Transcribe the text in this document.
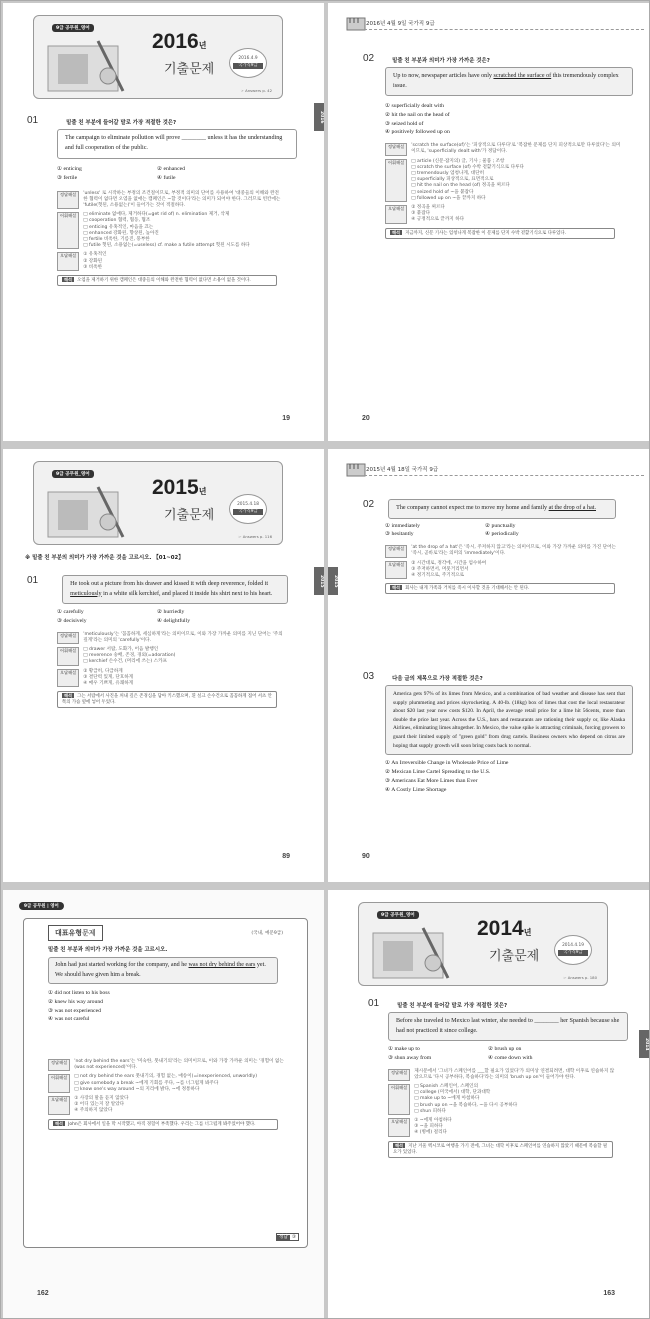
9급 공무원_영어
2016년
기출문제
2016.4.9
국가직9급
☞ Answers p. 42
2016
01	밑줄 친 부분에 들어갈 말로 가장 적절한 것은?
The campaign to eliminate pollution will prove ________ unless it has the understanding and full cooperation of the public.
① enticing	② enhanced
③ fertile	④ futile
정답해설	'unless' 로 시작하는 부정의 조건절이므로, 부정적 의미의 단어를 사용하여 '대중들의 이해와 완전한 협력이 없다면 오염을 없애는 캠페인은 ~할 것이다'라는 의미가 되어야 한다. 그러므로 빈칸에는 'futile(헛된, 소용없는)'이 들어가는 것이 적절하다.
어휘해설	□ eliminate 없애다, 제거하다(=get rid of) n. elimination 제거, 삭제
□ cooperation 협력, 협동, 협조
□ enticing 유혹적인, 마음을 끄는
□ enhanced 강화된, 향상된, 높아진
□ fertile 비옥한, 기름진, 풍부한
□ futile 헛된, 소용없는(=useless) cf. make a futile attempt 헛된 시도를 하다
오답해설	① 유혹적인
② 강화된
③ 비옥한
해석 오염을 제거하기 위한 캠페인은 대중들의 이해와 완전한 협력이 없다면 소용이 없을 것이다.
19
2016년 4월 9일 국가직 9급
02	밑줄 친 부분과 의미가 가장 가까운 것은?
Up to now, newspaper articles have only scratched the surface of this tremendously complex issue.
① superficially dealt with
② hit the nail on the head of
③ seized hold of
④ positively followed up on
정답해설	'scratch the surface(of)'는 '피상적으로 다루다'로 '복잡한 문제를 단지 피상적으로만 다루었다'는 의미이므로, 'superficially dealt with'가 정답이다.
어휘해설	□ article (신문·잡지의) 글, 기사 ; 물품 ; 조항
□ scratch the surface (of) 수박 겉핥기식으로 다루다
□ tremendously 엄청나게, 대단히
□ superficially 피상적으로, 표면적으로
□ hit the nail on the head (of) 정곡을 찌르다
□ seized hold of ~을 붙잡다
□ followed up on ~을 끝까지 하다
오답해설	② 정곡을 찌르다
③ 붙잡다
④ 긍정적으로 끝까지 하다
해석 지금까지, 신문 기사는 엄청나게 복잡한 이 문제를 단지 수박 겉핥기식으로 다루었다.
20
9급 공무원_영어
2015년
기출문제
2015.4.18
국가직9급
☞ Answers p. 116
2015
※ 밑줄 친 부분의 의미가 가장 가까운 것을 고르시오. 【01~02】
01	He took out a picture from his drawer and kissed it with deep reverence, folded it meticulously in a white silk kerchief, and placed it inside his shirt next to his heart.
① carefully	② hurriedly
③ decisively	④ delightfully
정답해설	'meticulously'는 '꼼꼼하게, 세심하게'라는 의미이므로, 이와 가장 가까운 의미를 지닌 단어는 '주의 깊게'라는 의미의 'carefully'이다.
어휘해설	□ drawer 서랍, 도화가, 어음 발행인
□ reverence 숭배, 존경, 경외(=adoration)
□ kerchief 손수건, (머리에 쓰는) 스카프
오답해설	② 황급히, 다급하게
③ 결단력 있게, 단호하게
④ 매우 기쁘게, 유쾌하게
해석 그는 서랍에서 사진을 꺼내 깊은 존경심을 담아 키스했으며, 흰 실크 손수건으로 꼼꼼하게 접어 셔츠 안쪽의 가슴 옆에 넣어 두었다.
89
2015년 4월 18일 국가직 9급
2015
02	The company cannot expect me to move my home and family at the drop of a hat.
① immediately	② punctually
③ hesitantly	④ periodically
정답해설	'at the drop of a hat'은 '즉시, 주저하지 않고'라는 의미이므로, 이와 가장 가까운 의미를 가진 단어는 '즉시, 곧바로'라는 의미의 'immediately'이다.
오답해설	② 시간대로, 정각에, 시간을 엄수하여
③ 주저하면서, 머뭇거리면서
④ 정기적으로, 주기적으로
해석 회사는 내게 가족과 거처를 즉시 이사할 것을 기대해서는 안 된다.
03	다음 글의 제목으로 가장 적절한 것은?
America gets 97% of its limes from Mexico, and a combination of bad weather and disease has sent that supply plummeting and prices skyrocketing. A 40-lb. (18kg) box of limes that cost the local restaurateur about $20 last year now costs $120. In April, the average retail price for a lime hit 56cents, more than double the price last year. Across the U.S., bars and restaurants are rationing their supply or, like Alaska Airlines, eliminating limes altogether. In Mexico, the value spike is attracting criminals, forcing growers to guard their limited supply of "green gold" from drug cartels. Business owners who depend on citrus are hoping that supply growth will soon bring costs back to normal.
① An Irreversible Change in Wholesale Price of Lime
② Mexican Lime Cartel Spreading to the U.S.
③ Americans Eat More Limes than Ever
④ A Costly Lime Shortage
90
9급 공무원 | 영어
대표유형문제	(국내, 예문9급)
밑줄 친 부분과 의미가 가장 가까운 것을 고르시오.
John had just started working for the company, and he was not dry behind the ears yet. We should have given him a break.
① did not listen to his boss
② knew his way around
③ was not experienced
④ was not careful
정답해설	'not dry behind the ears'는 '미숙한, 풋내기의'라는 의미이므로, 이와 가장 가까운 의미는 '경험이 없는(was not experienced)'이다.
어휘해설	□ not dry behind the ears 풋내기의, 경험 없는, 애송이(=inexperienced, unworldly)
□ give somebody a break ~에게 기회를 주다, ~를 너그럽게 봐주다
□ know one's way around ~의 지리에 밝다, ~에 정통하다
오답해설	① 사장의 말을 듣지 않았다
② 어디 있는지 잘 알았다
④ 주의하지 않았다
해석 John은 회사에서 일을 막 시작했고, 아직 경험이 부족했다. 우리는 그를 너그럽게 봐주었어야 했다.
정답 ③
162
9급 공무원_영어
2014년
기출문제
2014.4.19
국가직9급
☞ Answers p. 180
2014
01	밑줄 친 부분에 들어갈 말로 가장 적절한 것은?
Before she traveled to Mexico last winter, she needed to ________ her Spanish because she had not practiced it since college.
① make up to	② brush up on
③ shun away from	④ come down with
정답해설	제시문에서 '그녀가 스페인어를 ___할 필요가 있었다'가 의미상 연결되려면, 대학 이후로 연습하지 않았으므로 '다시 공부하다, 복습하다'라는 의미의 'brush up on'이 들어가야 한다.
어휘해설	□ Spanish 스페인어, 스페인의
□ college (미국에서) 대학, 단과대학
□ make up to ~에게 아첨하다
□ brush up on ~을 복습하다, ~을 다시 공부하다
□ shun 피하다
오답해설	① ~에게 아첨하다
③ ~을 피하다
④ (병에) 걸리다
해석 지난 겨울 멕시코로 여행을 가기 전에, 그녀는 대학 이후로 스페인어를 연습하지 않았기 때문에 복습할 필요가 있었다.
163
